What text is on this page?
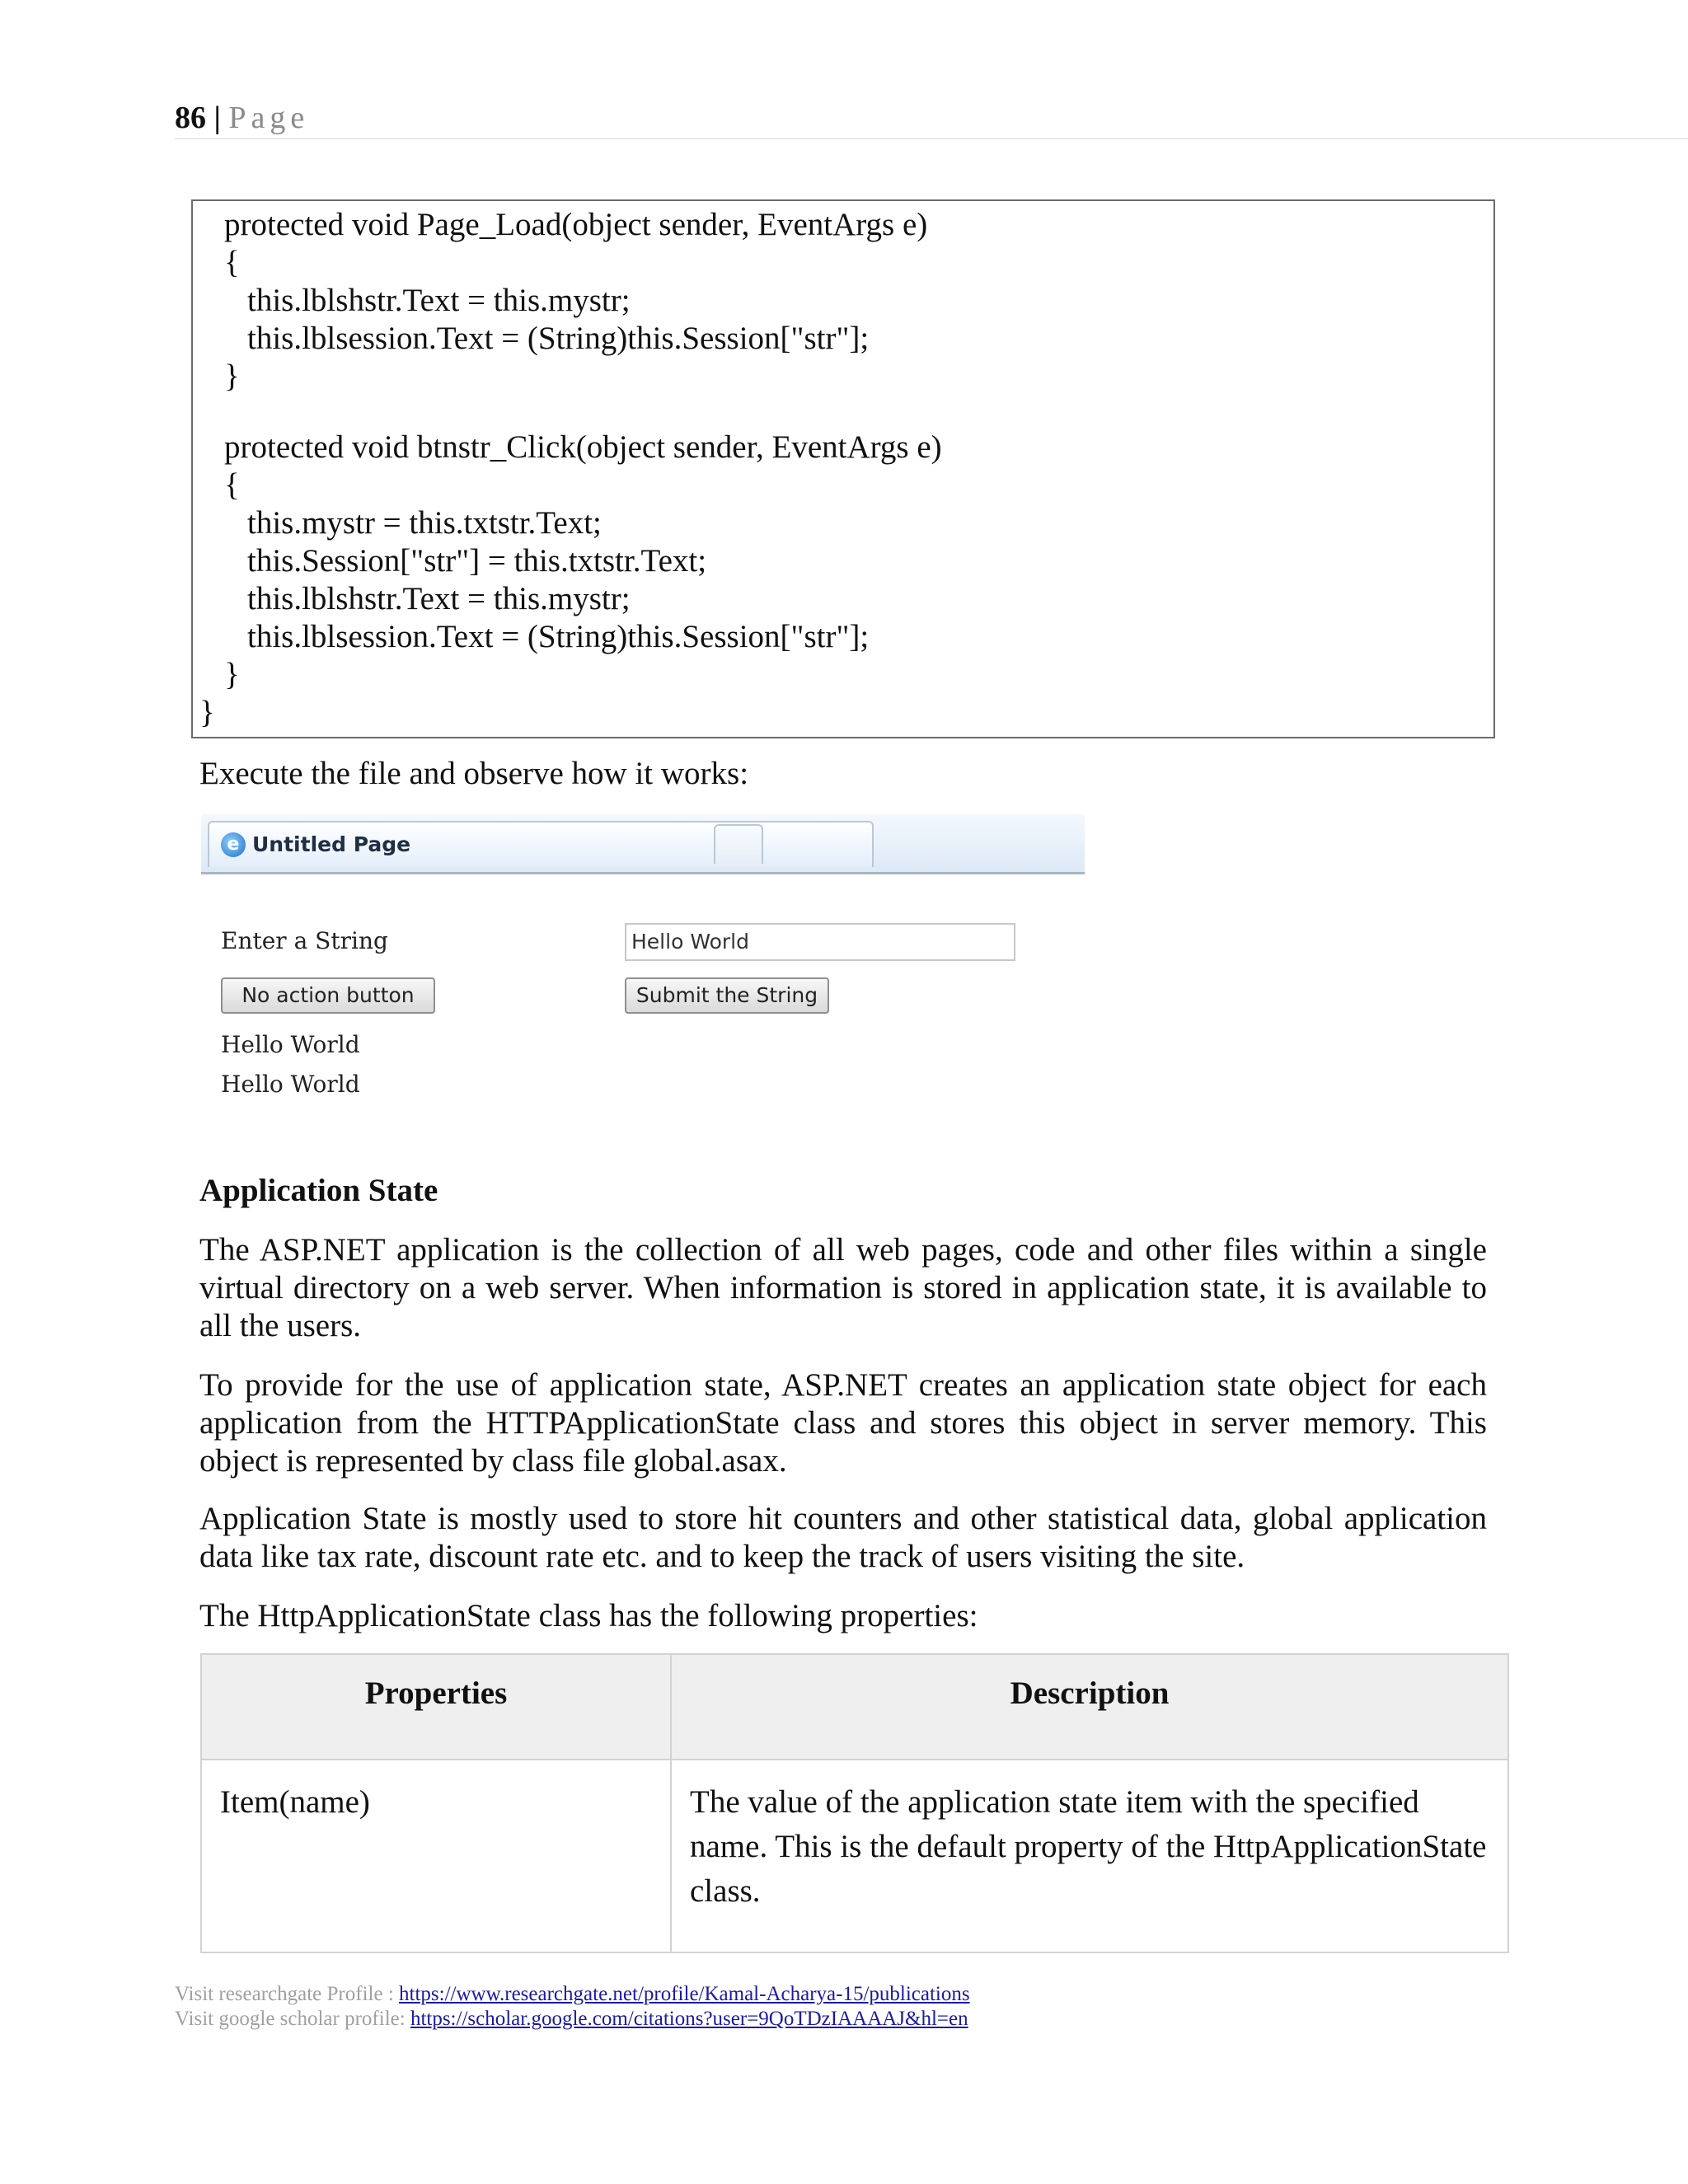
86 | Page
protected void Page_Load(object sender, EventArgs e)
{
this.lblshstr.Text = this.mystr;
this.lblsession.Text = (String)this.Session["str"];
}
protected void btnstr_Click(object sender, EventArgs e)
{
this.mystr = this.txtstr.Text;
this.Session["str"] = this.txtstr.Text;
this.lblshstr.Text = this.mystr;
this.lblsession.Text = (String)this.Session["str"];
}
}
Execute the file and observe how it works:
e Untitled Page
Enter a String	Hello World
No action button	Submit the String
Hello World
Hello World
Application State
The ASP.NET application is the collection of all web pages, code and other files within a single virtual directory on a web server. When information is stored in application state, it is available to all the users.
To provide for the use of application state, ASP.NET creates an application state object for each application from the HTTPApplicationState class and stores this object in server memory. This object is represented by class file global.asax.
Application State is mostly used to store hit counters and other statistical data, global application data like tax rate, discount rate etc. and to keep the track of users visiting the site.
The HttpApplicationState class has the following properties:
Properties	Description
Item(name)	The value of the application state item with the specified name. This is the default property of the HttpApplicationState class.
Visit researchgate Profile : https://www.researchgate.net/profile/Kamal-Acharya-15/publications
Visit google scholar profile: https://scholar.google.com/citations?user=9QoTDzIAAAAJ&hl=en
